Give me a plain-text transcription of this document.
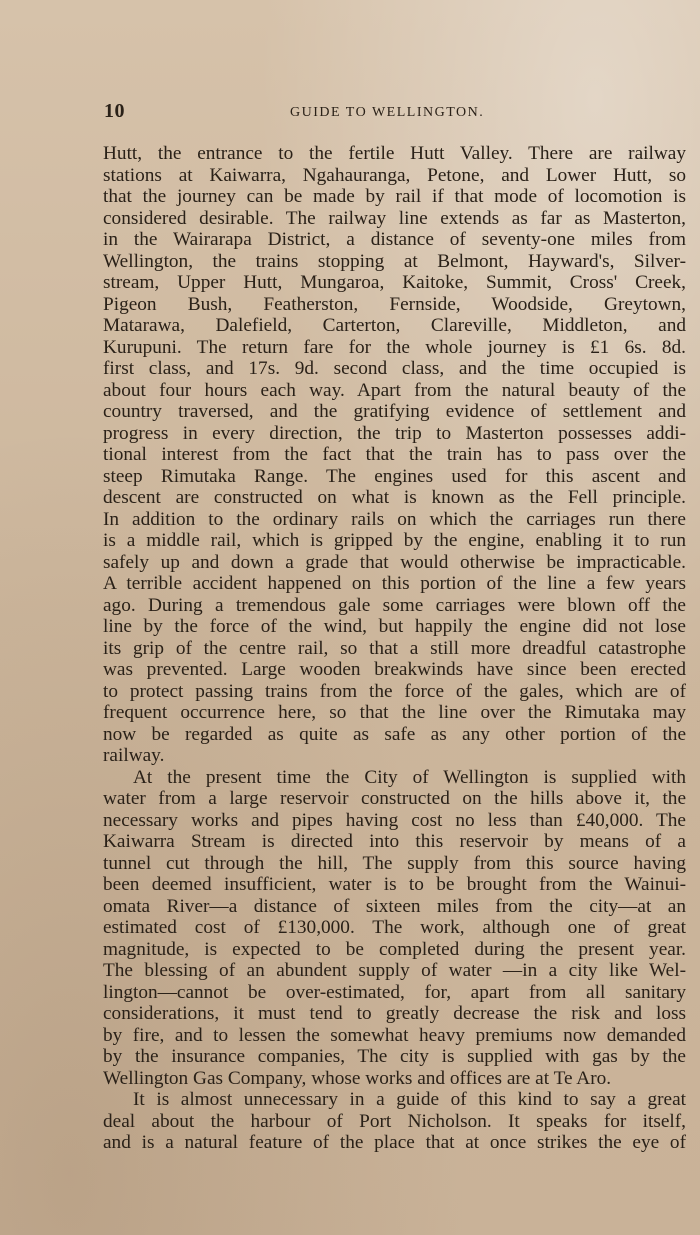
10	GUIDE TO WELLINGTON.
Hutt, the entrance to the fertile Hutt Valley. There are railway
stations at Kaiwarra, Ngahauranga, Petone, and Lower Hutt, so
that the journey can be made by rail if that mode of locomotion is
considered desirable. The railway line extends as far as Masterton,
in the Wairarapa District, a distance of seventy-one miles from
Wellington, the trains stopping at Belmont, Hayward's, Silver-
stream, Upper Hutt, Mungaroa, Kaitoke, Summit, Cross' Creek,
Pigeon Bush, Featherston, Fernside, Woodside, Greytown,
Matarawa, Dalefield, Carterton, Clareville, Middleton, and
Kurupuni. The return fare for the whole journey is £1 6s. 8d.
first class, and 17s. 9d. second class, and the time occupied is
about four hours each way. Apart from the natural beauty of the
country traversed, and the gratifying evidence of settlement and
progress in every direction, the trip to Masterton possesses addi-
tional interest from the fact that the train has to pass over the
steep Rimutaka Range. The engines used for this ascent and
descent are constructed on what is known as the Fell principle.
In addition to the ordinary rails on which the carriages run there
is a middle rail, which is gripped by the engine, enabling it to run
safely up and down a grade that would otherwise be impracticable.
A terrible accident happened on this portion of the line a few years
ago. During a tremendous gale some carriages were blown off the
line by the force of the wind, but happily the engine did not lose
its grip of the centre rail, so that a still more dreadful catastrophe
was prevented. Large wooden breakwinds have since been erected
to protect passing trains from the force of the gales, which are of
frequent occurrence here, so that the line over the Rimutaka may
now be regarded as quite as safe as any other portion of the
railway.
At the present time the City of Wellington is supplied with
water from a large reservoir constructed on the hills above it, the
necessary works and pipes having cost no less than £40,000. The
Kaiwarra Stream is directed into this reservoir by means of a
tunnel cut through the hill, The supply from this source having
been deemed insufficient, water is to be brought from the Wainui-
omata River—a distance of sixteen miles from the city—at an
estimated cost of £130,000. The work, although one of great
magnitude, is expected to be completed during the present year.
The blessing of an abundent supply of water —in a city like Wel-
lington—cannot be over-estimated, for, apart from all sanitary
considerations, it must tend to greatly decrease the risk and loss
by fire, and to lessen the somewhat heavy premiums now demanded
by the insurance companies, The city is supplied with gas by the
Wellington Gas Company, whose works and offices are at Te Aro.
It is almost unnecessary in a guide of this kind to say a great
deal about the harbour of Port Nicholson. It speaks for itself,
and is a natural feature of the place that at once strikes the eye of
